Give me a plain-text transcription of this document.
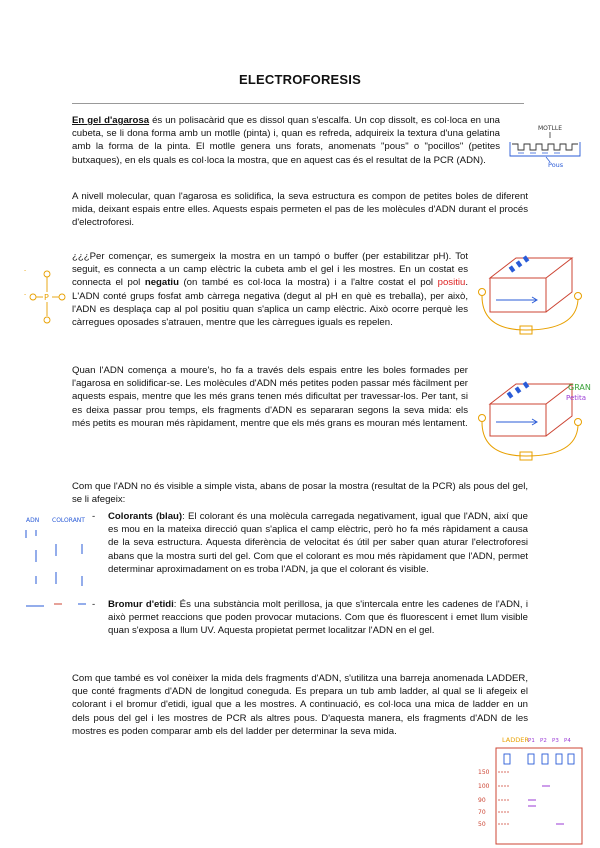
ELECTROFORESIS

En gel d'agarosa és un polisacàrid que es dissol quan s'escalfa. Un cop dissolt, es col·loca en una cubeta, se li dona forma amb un motlle (pinta) i, quan es refreda, adquireix la textura d'una gelatina amb la forma de la pinta. El motlle genera uns forats, anomenats "pous" o "pocillos" (petites butxaques), en els quals es col·loca la mostra, que en aquest cas és el resultat de la PCR (ADN).

A nivell molecular, quan l'agarosa es solidifica, la seva estructura es compon de petites boles de diferent mida, deixant espais entre elles. Aquests espais permeten el pas de les molècules d'ADN durant el procés d'electroforesi.

¿¿¿Per començar, es sumergeix la mostra en un tampó o buffer (per estabilitzar pH). Tot seguit, es connecta a un camp elèctric la cubeta amb el gel i les mostres. En un costat es connecta el pol negatiu (on també es col·loca la mostra) i a l'altre costat el pol positiu. L'ADN conté grups fosfat amb càrrega negativa (degut al pH en què es treballa), per això, l'ADN es desplaça cap al pol positiu quan s'aplica un camp elèctric. Això ocorre perquè les càrregues oposades s'atrauen, mentre que les càrregues iguals es repelen.

Quan l'ADN comença a moure's, ho fa a través dels espais entre les boles formades per l'agarosa en solidificar-se. Les molècules d'ADN més petites poden passar més fàcilment per aquests espais, mentre que les més grans tenen més dificultat per travessar-los. Per tant, si es deixa passar prou temps, els fragments d'ADN es separaran segons la seva mida: els més petits es mouran més ràpidament, mentre que els més grans es mouran més lentament.

Com que l'ADN no és visible a simple vista, abans de posar la mostra (resultat de la PCR) als pous del gel, se li afegeix:

- Colorants (blau): El colorant és una molècula carregada negativament, igual que l'ADN, així que es mou en la mateixa direcció quan s'aplica el camp elèctric, però ho fa més ràpidament a causa de la seva estructura. Aquesta diferència de velocitat és útil per saber quan aturar l'electroforesi abans que la mostra surti del gel. Com que el colorant es mou més ràpidament que l'ADN, permet determinar aproximadament on es troba l'ADN, ja que el colorant és visible.

- Bromur d'etidi: És una substància molt perillosa, ja que s'intercala entre les cadenes de l'ADN, i això permet reaccions que poden provocar mutacions. Com que és fluorescent i emet llum visible quan s'exposa a llum UV. Aquesta propietat permet localitzar l'ADN en el gel.

Com que també es vol conèixer la mida dels fragments d'ADN, s'utilitza una barreja anomenada LADDER, que conté fragments d'ADN de longitud coneguda. Es prepara un tub amb ladder, al qual se li afegeix el colorant i el bromur d'etidi, igual que a les mostres. A continuació, es col·loca una mica de ladder en un dels pous del gel i les mostres de PCR als altres pous. D'aquesta manera, els fragments d'ADN de les mostres es poden comparar amb els del ladder per determinar la seva mida.

MOTLLE
Pous
P
-
-
GRAN
Petita
ADN COLORANT
LADDER P1 P2 P3 P4
150
100
90
70
50
